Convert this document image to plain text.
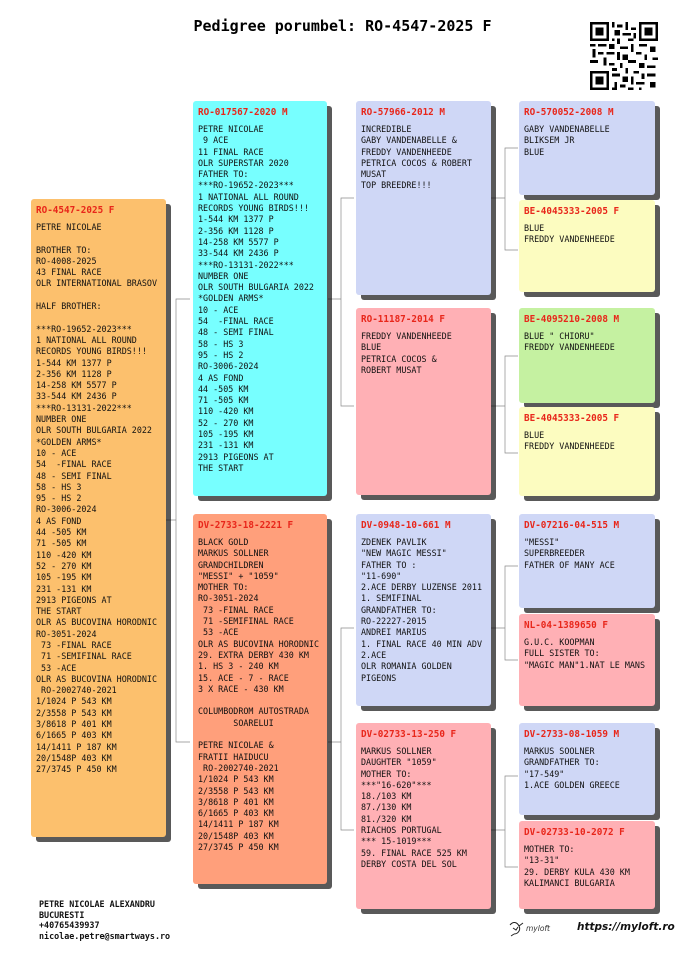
Pedigree porumbel: RO-4547-2025 F
RO-4547-2025 F
PETRE NICOLAE

BROTHER TO:
RO-4008-2025
43 FINAL RACE
OLR INTERNATIONAL BRASOV

HALF BROTHER:

***RO-19652-2023***
1 NATIONAL ALL ROUND
RECORDS YOUNG BIRDS!!!
1-544 KM 1377 P
2-356 KM 1128 P
14-258 KM 5577 P
33-544 KM 2436 P
***RO-13131-2022***
NUMBER ONE
OLR SOUTH BULGARIA 2022
*GOLDEN ARMS*
10 - ACE
54  -FINAL RACE
48 - SEMI FINAL
58 - HS 3
95 - HS 2
RO-3006-2024
4 AS FOND
44 -505 KM
71 -505 KM
110 -420 KM
52 - 270 KM
105 -195 KM
231 -131 KM
2913 PIGEONS AT
THE START
OLR AS BUCOVINA HORODNIC
RO-3051-2024
73 -FINAL RACE
71 -SEMIFINAL RACE
53 -ACE
OLR AS BUCOVINA HORODNIC
RO-2002740-2021
1/1024 P 543 KM
2/3558 P 543 KM
3/8618 P 401 KM
6/1665 P 403 KM
14/1411 P 187 KM
20/1548P 403 KM
27/3745 P 450 KM
RO-017567-2020 M
PETRE NICOLAE
9 ACE
11 FINAL RACE
OLR SUPERSTAR 2020
FATHER TO:
***RO-19652-2023***
1 NATIONAL ALL ROUND
RECORDS YOUNG BIRDS!!!
1-544 KM 1377 P
2-356 KM 1128 P
14-258 KM 5577 P
33-544 KM 2436 P
***RO-13131-2022***
NUMBER ONE
OLR SOUTH BULGARIA 2022
*GOLDEN ARMS*
10 - ACE
54  -FINAL RACE
48 - SEMI FINAL
58 - HS 3
95 - HS 2
RO-3006-2024
4 AS FOND
44 -505 KM
71 -505 KM
110 -420 KM
52 - 270 KM
105 -195 KM
231 -131 KM
2913 PIGEONS AT
THE START
DV-2733-18-2221 F
BLACK GOLD
MARKUS SOLLNER
GRANDCHILDREN
"MESSI" + "1059"
MOTHER TO:
RO-3051-2024
73 -FINAL RACE
71 -SEMIFINAL RACE
53 -ACE
OLR AS BUCOVINA HORODNIC
29. EXTRA DERBY 430 KM
1. HS 3 - 240 KM
15. ACE - 7 - RACE
3 X RACE - 430 KM

COLUMBODROM AUTOSTRADA
SOARELUI

PETRE NICOLAE &
FRATII HAIDUCU
RO-2002740-2021
1/1024 P 543 KM
2/3558 P 543 KM
3/8618 P 401 KM
6/1665 P 403 KM
14/1411 P 187 KM
20/1548P 403 KM
27/3745 P 450 KM
RO-57966-2012 M
INCREDIBLE
GABY VANDENABELLE &
FREDDY VANDENHEEDE
PETRICA COCOS & ROBERT
MUSAT
TOP BREEDRE!!!
RO-11187-2014 F
FREDDY VANDENHEEDE
BLUE
PETRICA COCOS &
ROBERT MUSAT
DV-0948-10-661 M
ZDENEK PAVLIK
"NEW MAGIC MESSI"
FATHER TO :
"11-690"
2.ACE DERBY LUZENSE 2011
1. SEMIFINAL
GRANDFATHER TO:
RO-22227-2015
ANDREI MARIUS
1. FINAL RACE 40 MIN ADV
2.ACE
OLR ROMANIA GOLDEN
PIGEONS
DV-02733-13-250 F
MARKUS SOLLNER
DAUGHTER "1059"
MOTHER TO:
***"16-620"***
18./103 KM
87./130 KM
81./320 KM
RIACHOS PORTUGAL
*** 15-1019***
59. FINAL RACE 525 KM
DERBY COSTA DEL SOL
RO-570052-2008 M
GABY VANDENABELLE
BLIKSEM JR
BLUE
BE-4045333-2005 F
BLUE
FREDDY VANDENHEEDE
BE-4095210-2008 M
BLUE " CHIORU"
FREDDY VANDENHEEDE
BE-4045333-2005 F
BLUE
FREDDY VANDENHEEDE
DV-07216-04-515 M
"MESSI"
SUPERBREEDER
FATHER OF MANY ACE
NL-04-1389650 F
G.U.C. KOOPMAN
FULL SISTER TO:
"MAGIC MAN"1.NAT LE MANS
DV-2733-08-1059 M
MARKUS SOOLNER
GRANDFATHER TO:
"17-549"
1.ACE GOLDEN GREECE
DV-02733-10-2072 F
MOTHER TO:
"13-31"
29. DERBY KULA 430 KM
KALIMANCI BULGARIA
PETRE NICOLAE ALEXANDRU
BUCURESTI
+40765439937
nicolae.petre@smartways.ro
myloft	https://myloft.ro
